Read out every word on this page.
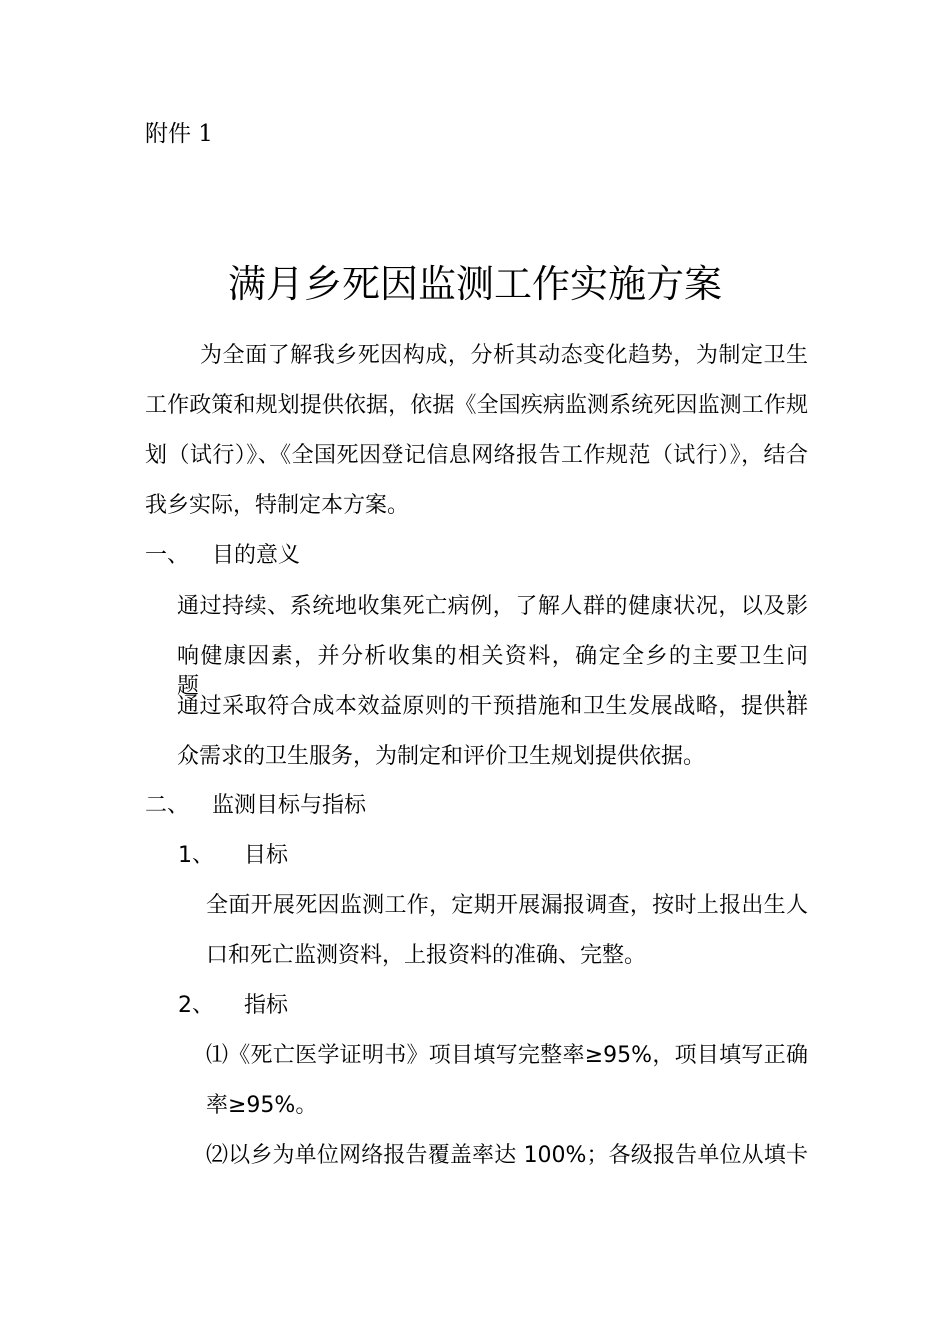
附件 1
满月乡死因监测工作实施方案
为全面了解我乡死因构成，分析其动态变化趋势，为制定卫生
工作政策和规划提供依据，依据《全国疾病监测系统死因监测工作规
划（试行）》、《全国死因登记信息网络报告工作规范（试行）》，结合
我乡实际，特制定本方案。
一、 目的意义
通过持续、系统地收集死亡病例，了解人群的健康状况，以及影
响健康因素，并分析收集的相关资料，确定全乡的主要卫生问题，
通过采取符合成本效益原则的干预措施和卫生发展战略，提供群
众需求的卫生服务，为制定和评价卫生规划提供依据。
二、 监测目标与指标
1、 目标
全面开展死因监测工作，定期开展漏报调查，按时上报出生人
口和死亡监测资料，上报资料的准确、完整。
2、 指标
⑴《死亡医学证明书》项目填写完整率≥95%，项目填写正确
率≥95%。
⑵以乡为单位网络报告覆盖率达 100%；各级报告单位从填卡
